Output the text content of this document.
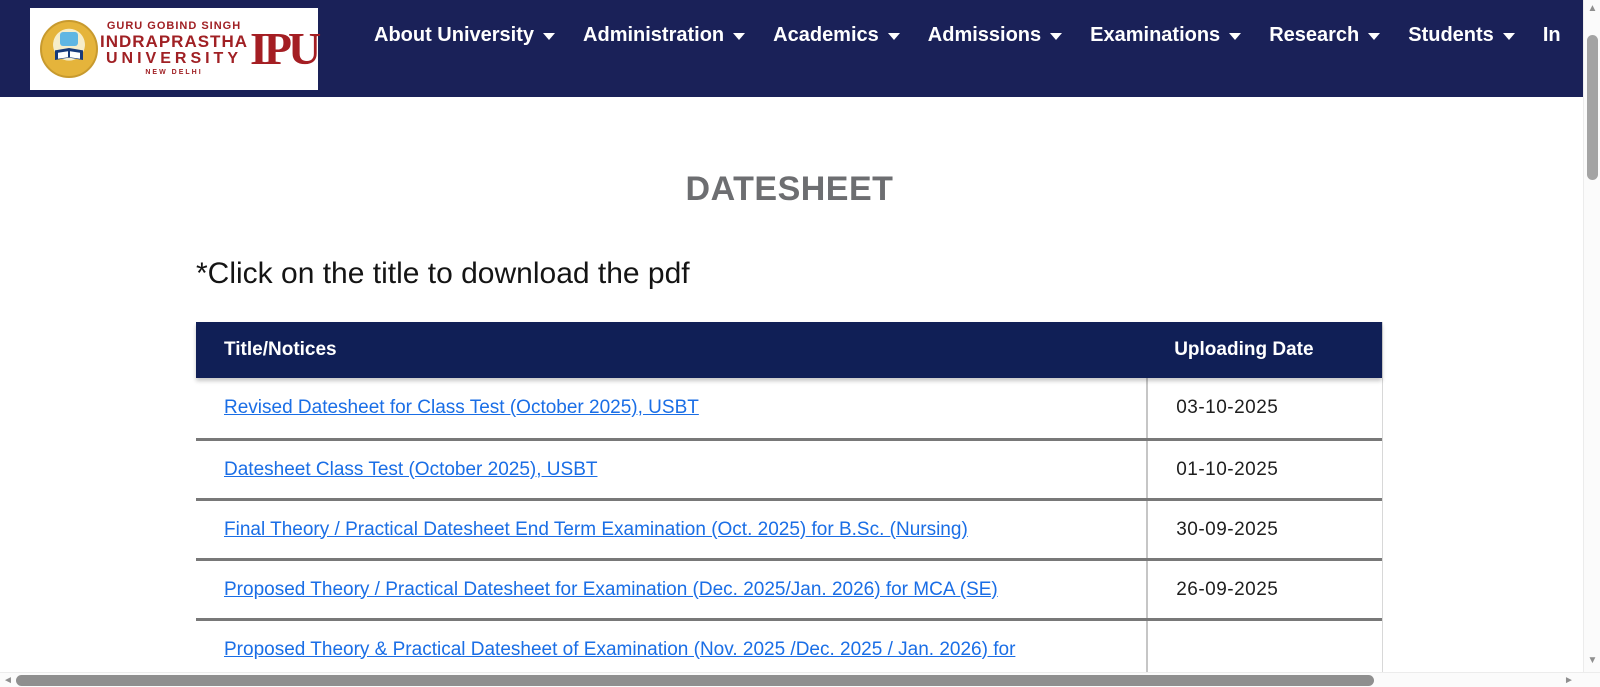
GURU GOBIND SINGH
INDRAPRASTHA
UNIVERSITY
NEW DELHI	IPU	About University Administration Academics Admissions Examinations Research Students In
DATESHEET
*Click on the title to download the pdf
Title/Notices	Uploading Date
Revised Datesheet for Class Test (October 2025), USBT	03-10-2025
Datesheet Class Test (October 2025), USBT	01-10-2025
Final Theory / Practical Datesheet End Term Examination (Oct. 2025) for B.Sc. (Nursing)	30-09-2025
Proposed Theory / Practical Datesheet for Examination (Dec. 2025/Jan. 2026) for MCA (SE)	26-09-2025
Proposed Theory & Practical Datesheet of Examination (Nov. 2025 /Dec. 2025 / Jan. 2026) for
▲
▼
◄	►
